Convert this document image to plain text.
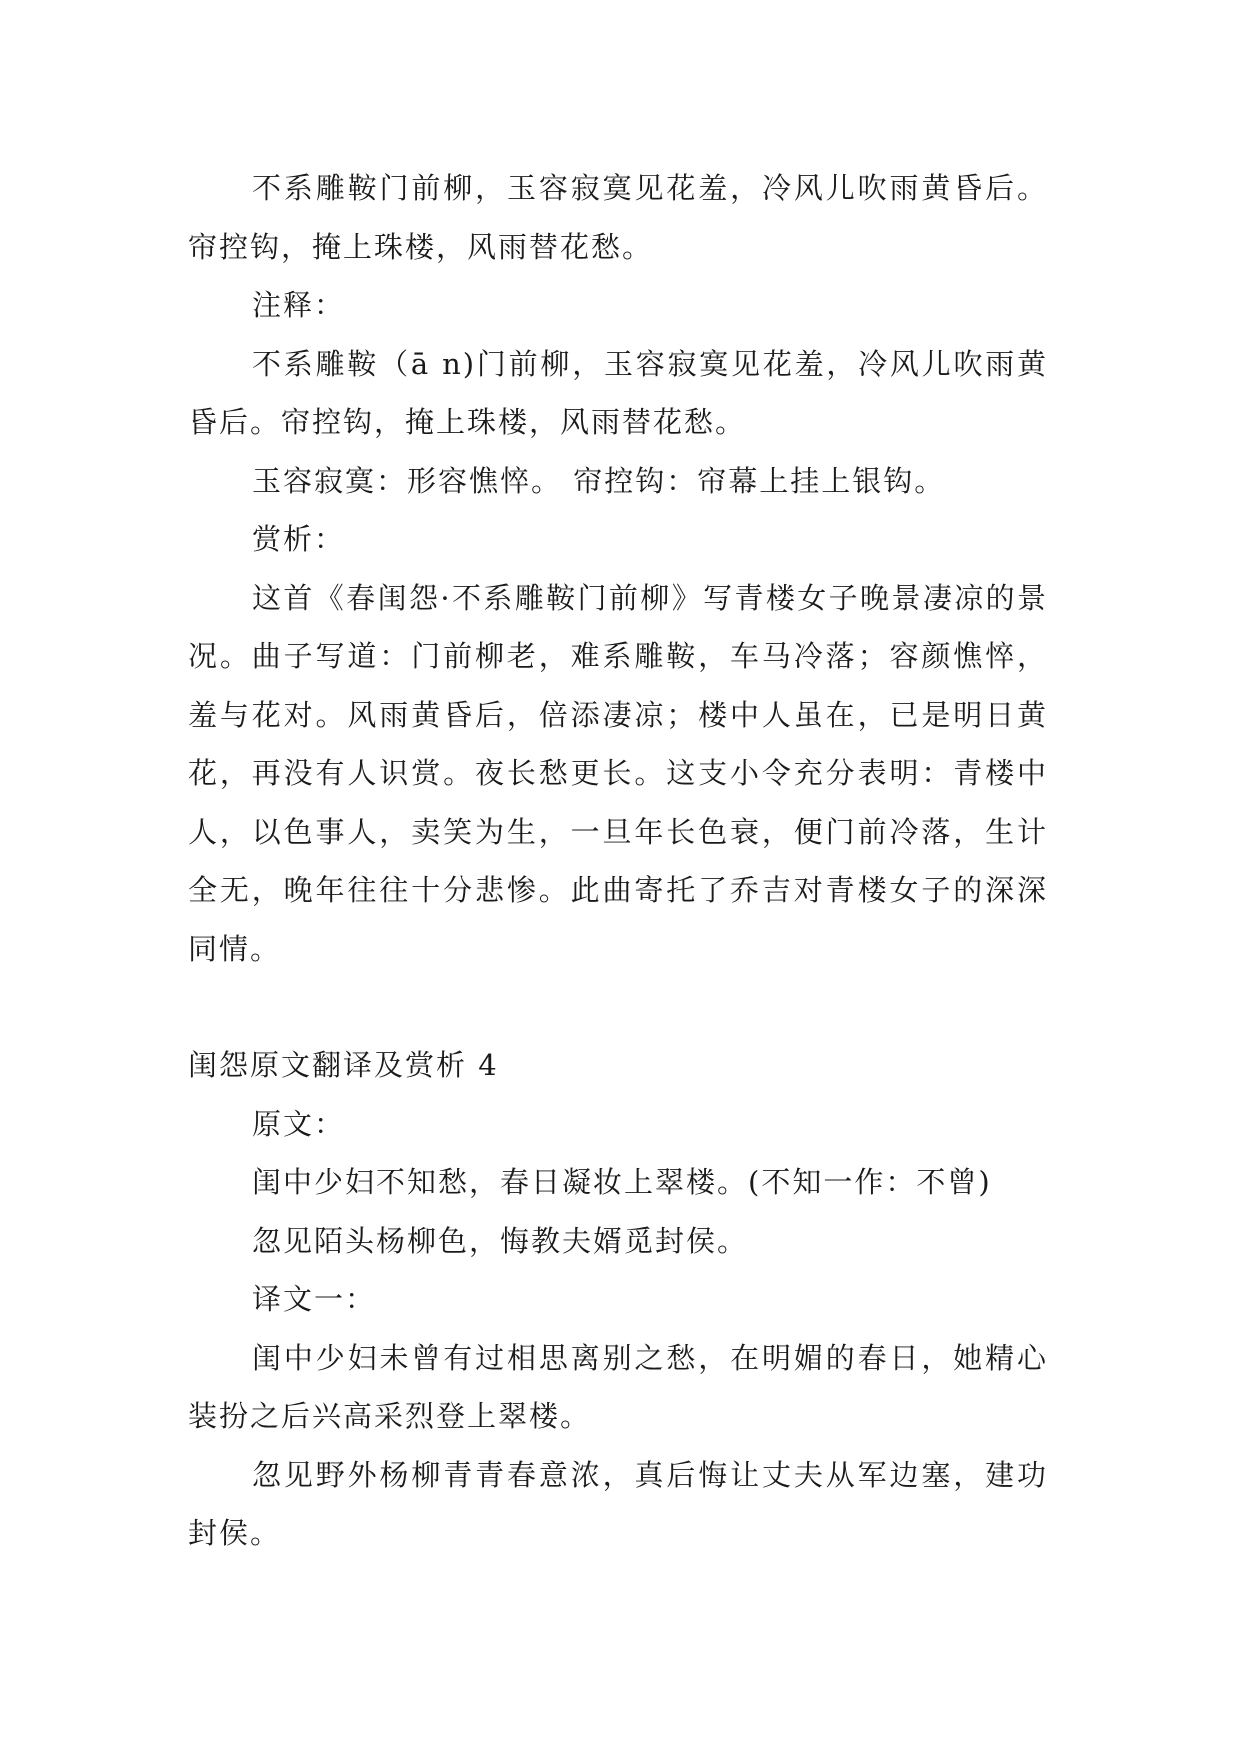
不系雕鞍门前柳，玉容寂寞见花羞，冷风儿吹雨黄昏后。帘控钩，掩上珠楼，风雨替花愁。

注释：

不系雕鞍（ā n)门前柳，玉容寂寞见花羞，冷风儿吹雨黄昏后。帘控钩，掩上珠楼，风雨替花愁。

玉容寂寞：形容憔悴。 帘控钩：帘幕上挂上银钩。

赏析：

这首《春闺怨·不系雕鞍门前柳》写青楼女子晚景凄凉的景况。曲子写道：门前柳老，难系雕鞍，车马冷落；容颜憔悴，羞与花对。风雨黄昏后，倍添凄凉；楼中人虽在，已是明日黄花，再没有人识赏。夜长愁更长。这支小令充分表明：青楼中人，以色事人，卖笑为生，一旦年长色衰，便门前冷落，生计全无，晚年往往十分悲惨。此曲寄托了乔吉对青楼女子的深深同情。

闺怨原文翻译及赏析 4

原文：

闺中少妇不知愁，春日凝妆上翠楼。(不知一作：不曾)

忽见陌头杨柳色，悔教夫婿觅封侯。

译文一：

闺中少妇未曾有过相思离别之愁，在明媚的春日，她精心装扮之后兴高采烈登上翠楼。

忽见野外杨柳青青春意浓，真后悔让丈夫从军边塞，建功封侯。
